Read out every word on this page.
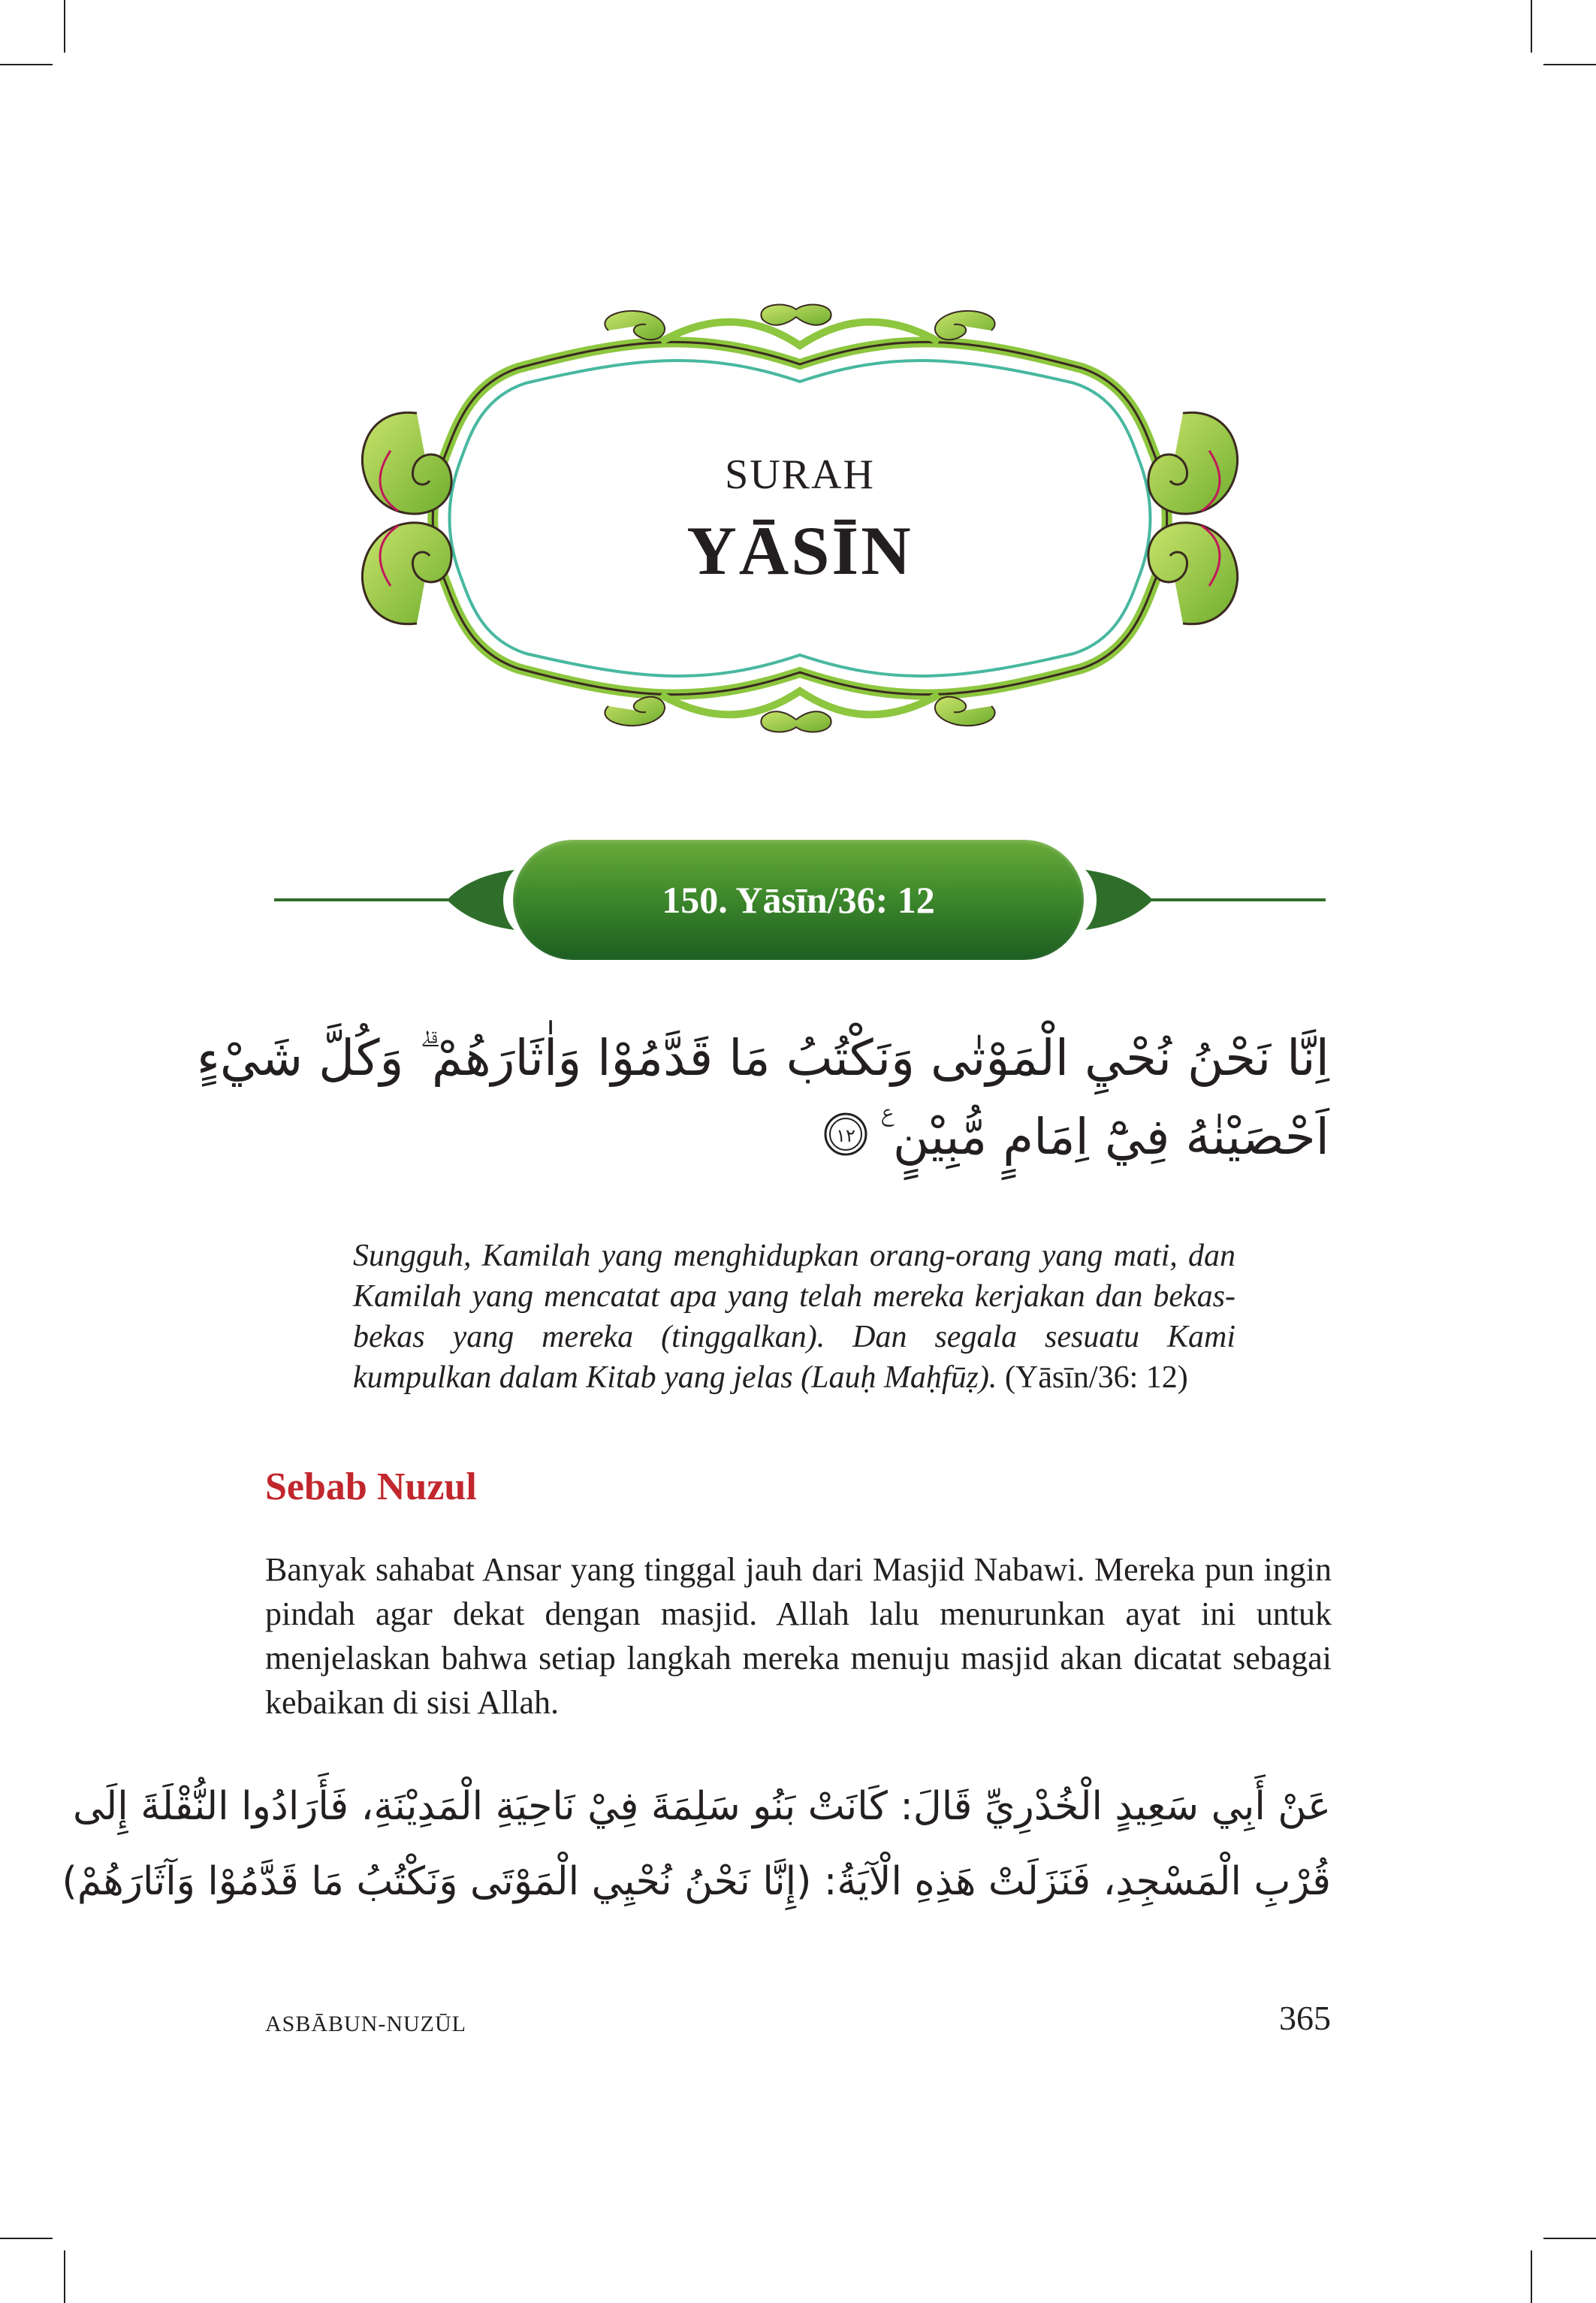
SURAH
YĀSĪN
150. Yāsīn/36: 12
اِنَّا نَحْنُ نُحْيِ الْمَوْتٰى وَنَكْتُبُ مَا قَدَّمُوْا وَاٰثَارَهُمْ ۗ وَكُلَّ شَيْءٍ
اَحْصَيْنٰهُ فِيْٓ اِمَامٍ مُّبِيْنٍ ࣖ
١٢

Sungguh, Kamilah yang menghidupkan orang-orang yang mati, dan Kamilah yang mencatat apa yang telah mereka kerjakan dan bekas-bekas yang mereka (tinggalkan). Dan segala sesuatu Kami kumpulkan dalam Kitab yang jelas (Lauḥ Maḥfūẓ). (Yāsīn/36: 12)

Sebab Nuzul

Banyak sahabat Ansar yang tinggal jauh dari Masjid Nabawi. Mereka pun ingin pindah agar dekat dengan masjid. Allah lalu menurunkan ayat ini untuk menjelaskan bahwa setiap langkah mereka menuju masjid akan dicatat sebagai kebaikan di sisi Allah.

عَنْ أَبِي سَعِيدٍ الْخُدْرِيِّ قَالَ: كَانَتْ بَنُو سَلِمَةَ فِيْ نَاحِيَةِ الْمَدِيْنَةِ، فَأَرَادُوا النُّقْلَةَ إِلَى
قُرْبِ الْمَسْجِدِ، فَنَزَلَتْ هَذِهِ الْآيَةُ: (إِنَّا نَحْنُ نُحْيِي الْمَوْتَى وَنَكْتُبُ مَا قَدَّمُوْا وَآثَارَهُمْ)
ASBĀBUN-NUZŪL	365
